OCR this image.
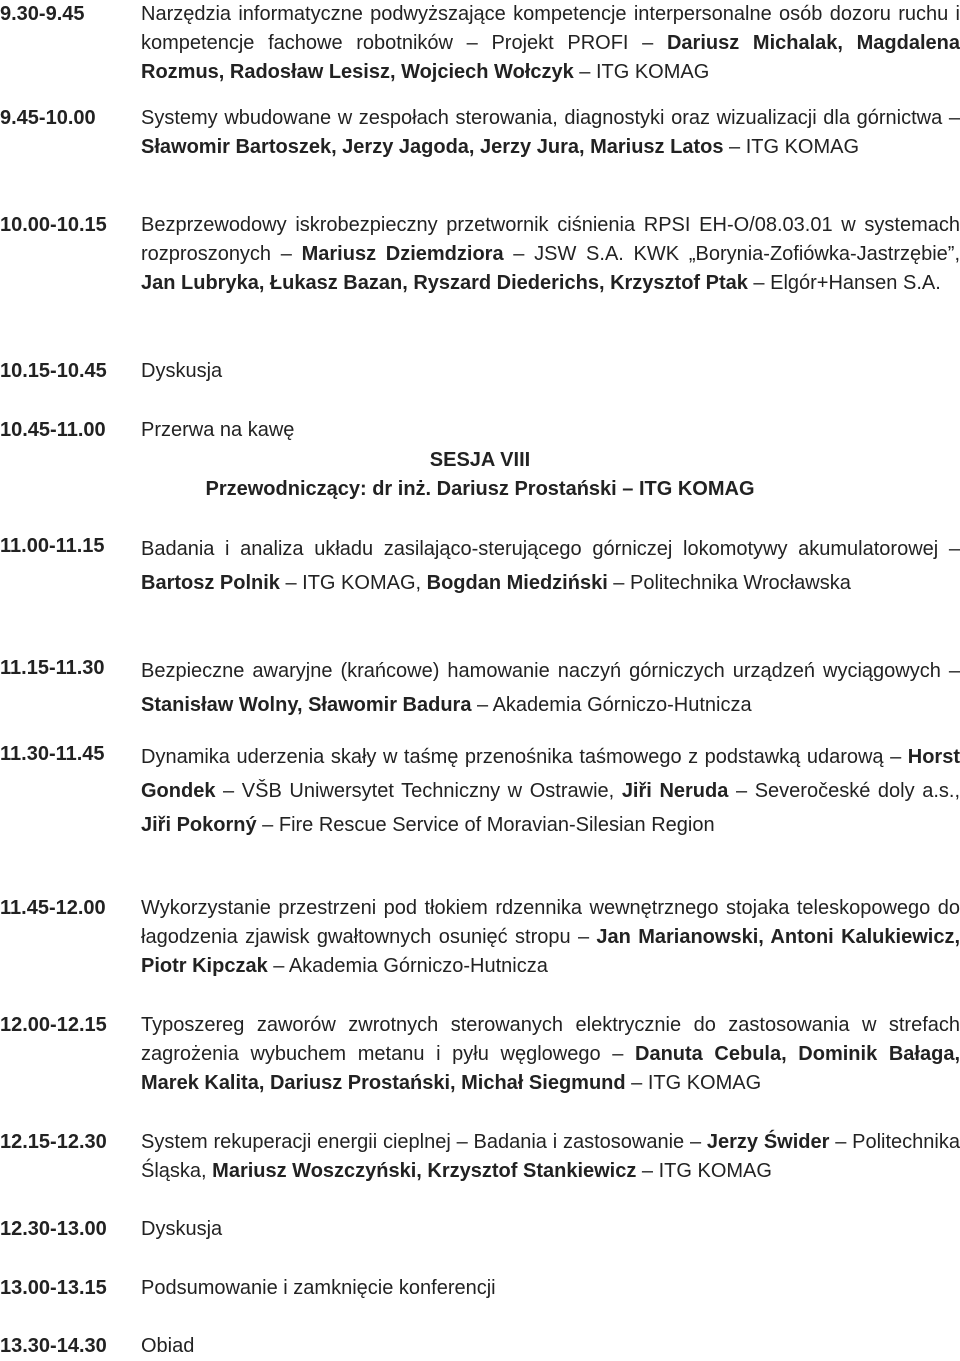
9.30-9.45	Narzędzia informatyczne podwyższające kompetencje interpersonalne osób dozoru ruchu i kompetencje fachowe robotników – Projekt PROFI – Dariusz Michalak, Magdalena Rozmus, Radosław Lesisz, Wojciech Wołczyk – ITG KOMAG
9.45-10.00 Systemy wbudowane w zespołach sterowania, diagnostyki oraz wizualizacji dla górnictwa – Sławomir Bartoszek, Jerzy Jagoda, Jerzy Jura, Mariusz Latos – ITG KOMAG
10.00-10.15 Bezprzewodowy iskrobezpieczny przetwornik ciśnienia RPSI EH-O/08.03.01 w systemach rozproszonych – Mariusz Dziemdziora – JSW S.A. KWK „Borynia-Zofiówka-Jastrzębie”, Jan Lubryka, Łukasz Bazan, Ryszard Diederichs, Krzysztof Ptak – Elgór+Hansen S.A.
10.15-10.45 Dyskusja
10.45-11.00 Przerwa na kawę
SESJA VIII
Przewodniczący: dr inż. Dariusz Prostański – ITG KOMAG
11.00-11.15 Badania i analiza układu zasilająco-sterującego górniczej lokomotywy akumulatorowej – Bartosz Polnik – ITG KOMAG, Bogdan Miedziński – Politechnika Wrocławska
11.15-11.30 Bezpieczne awaryjne (krańcowe) hamowanie naczyń górniczych urządzeń wyciągowych – Stanisław Wolny, Sławomir Badura – Akademia Górniczo-Hutnicza
11.30-11.45 Dynamika uderzenia skały w taśmę przenośnika taśmowego z podstawką udarową – Horst Gondek – VŠB Uniwersytet Techniczny w Ostrawie, Jiři Neruda – Severočeské doly a.s., Jiři Pokorný – Fire Rescue Service of Moravian-Silesian Region
11.45-12.00 Wykorzystanie przestrzeni pod tłokiem rdzennika wewnętrznego stojaka teleskopowego do łagodzenia zjawisk gwałtownych osunięć stropu – Jan Marianowski, Antoni Kalukiewicz, Piotr Kipczak – Akademia Górniczo-Hutnicza
12.00-12.15 Typoszereg zaworów zwrotnych sterowanych elektrycznie do zastosowania w strefach zagrożenia wybuchem metanu i pyłu węglowego – Danuta Cebula, Dominik Bałaga, Marek Kalita, Dariusz Prostański, Michał Siegmund – ITG KOMAG
12.15-12.30 System rekuperacji energii cieplnej – Badania i zastosowanie – Jerzy Świder – Politechnika Śląska, Mariusz Woszczyński, Krzysztof Stankiewicz – ITG KOMAG
12.30-13.00 Dyskusja
13.00-13.15 Podsumowanie i zamknięcie konferencji
13.30-14.30 Obiad
